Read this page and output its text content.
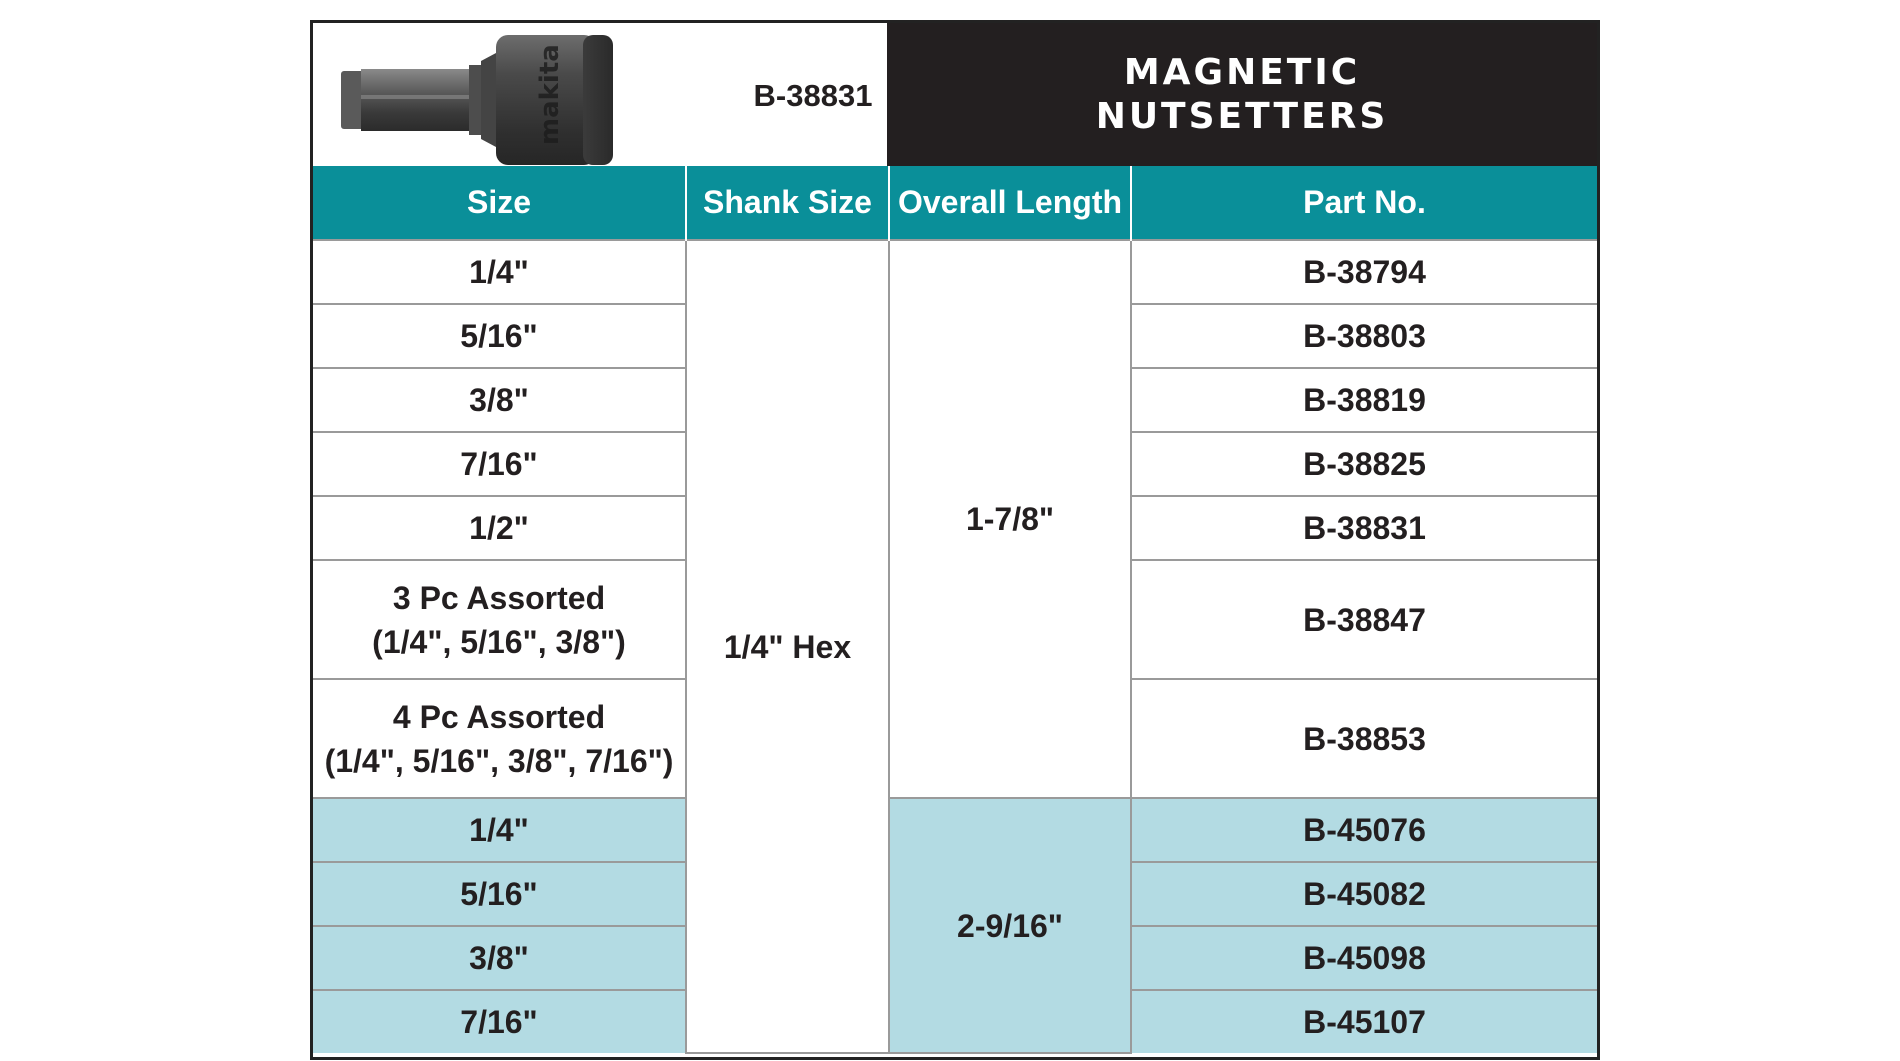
makita	B-38831
MAGNETIC
NUTSETTERS
Size	Shank Size	Overall Length	Part No.
1/4"	1/4" Hex	1-7/8"	B-38794
5/16"			B-38803
3/8"			B-38819
7/16"			B-38825
1/2"			B-38831

3 Pc Assorted
(1/4", 5/16", 3/8")			B-38847

4 Pc Assorted
(1/4", 5/16", 3/8", 7/16")			B-38853
1/4"		2-9/16"	B-45076
5/16"			B-45082
3/8"			B-45098
7/16"			B-45107
